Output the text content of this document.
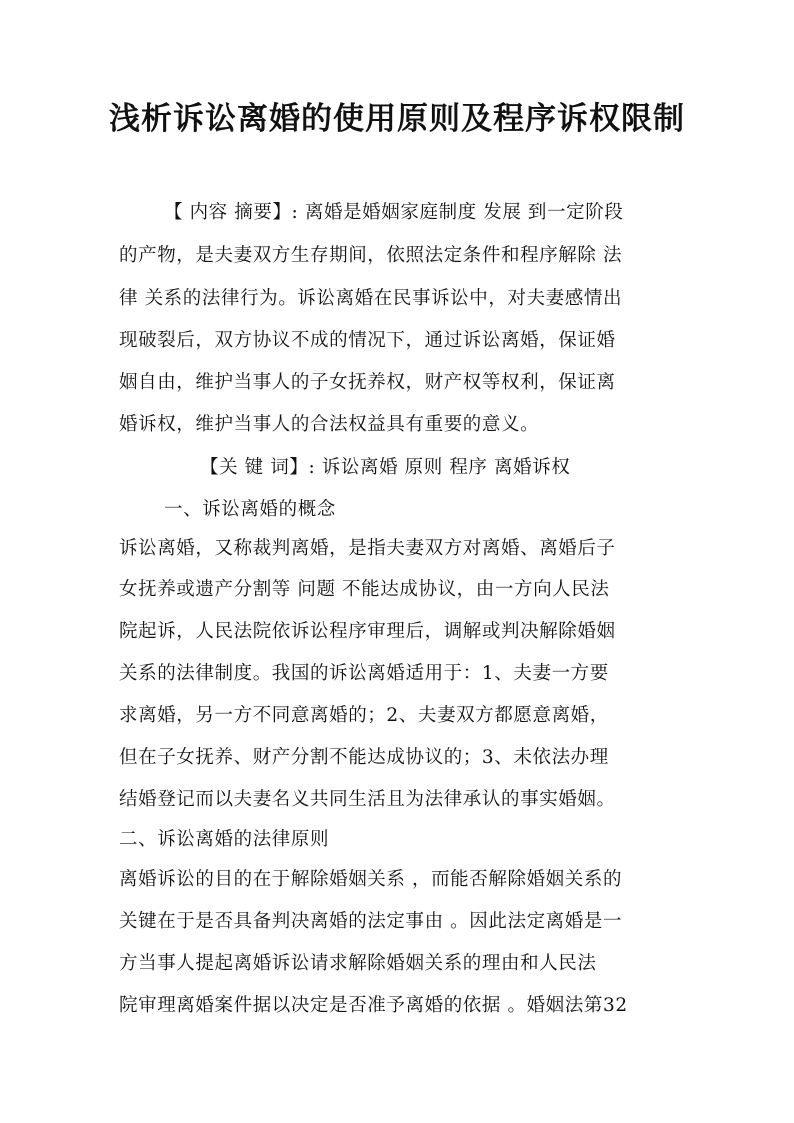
浅析诉讼离婚的使用原则及程序诉权限制
【 内容 摘要】: 离婚是婚姻家庭制度 发展 到一定阶段
的产物，是夫妻双方生存期间，依照法定条件和程序解除 法
律 关系的法律行为。诉讼离婚在民事诉讼中，对夫妻感情出
现破裂后，双方协议不成的情况下，通过诉讼离婚，保证婚
姻自由，维护当事人的子女抚养权，财产权等权利，保证离
婚诉权，维护当事人的合法权益具有重要的意义。
【关 键 词】: 诉讼离婚 原则 程序 离婚诉权
一、诉讼离婚的概念
诉讼离婚，又称裁判离婚，是指夫妻双方对离婚、离婚后子
女抚养或遗产分割等 问题 不能达成协议，由一方向人民法
院起诉，人民法院依诉讼程序审理后，调解或判决解除婚姻
关系的法律制度。我国的诉讼离婚适用于：1、夫妻一方要
求离婚，另一方不同意离婚的；2、夫妻双方都愿意离婚，
但在子女抚养、财产分割不能达成协议的；3、未依法办理
结婚登记而以夫妻名义共同生活且为法律承认的事实婚姻。
二、诉讼离婚的法律原则
离婚诉讼的目的在于解除婚姻关系 ，而能否解除婚姻关系的
关键在于是否具备判决离婚的法定事由 。因此法定离婚是一
方当事人提起离婚诉讼请求解除婚姻关系的理由和人民法
院审理离婚案件据以决定是否准予离婚的依据 。婚姻法第32
